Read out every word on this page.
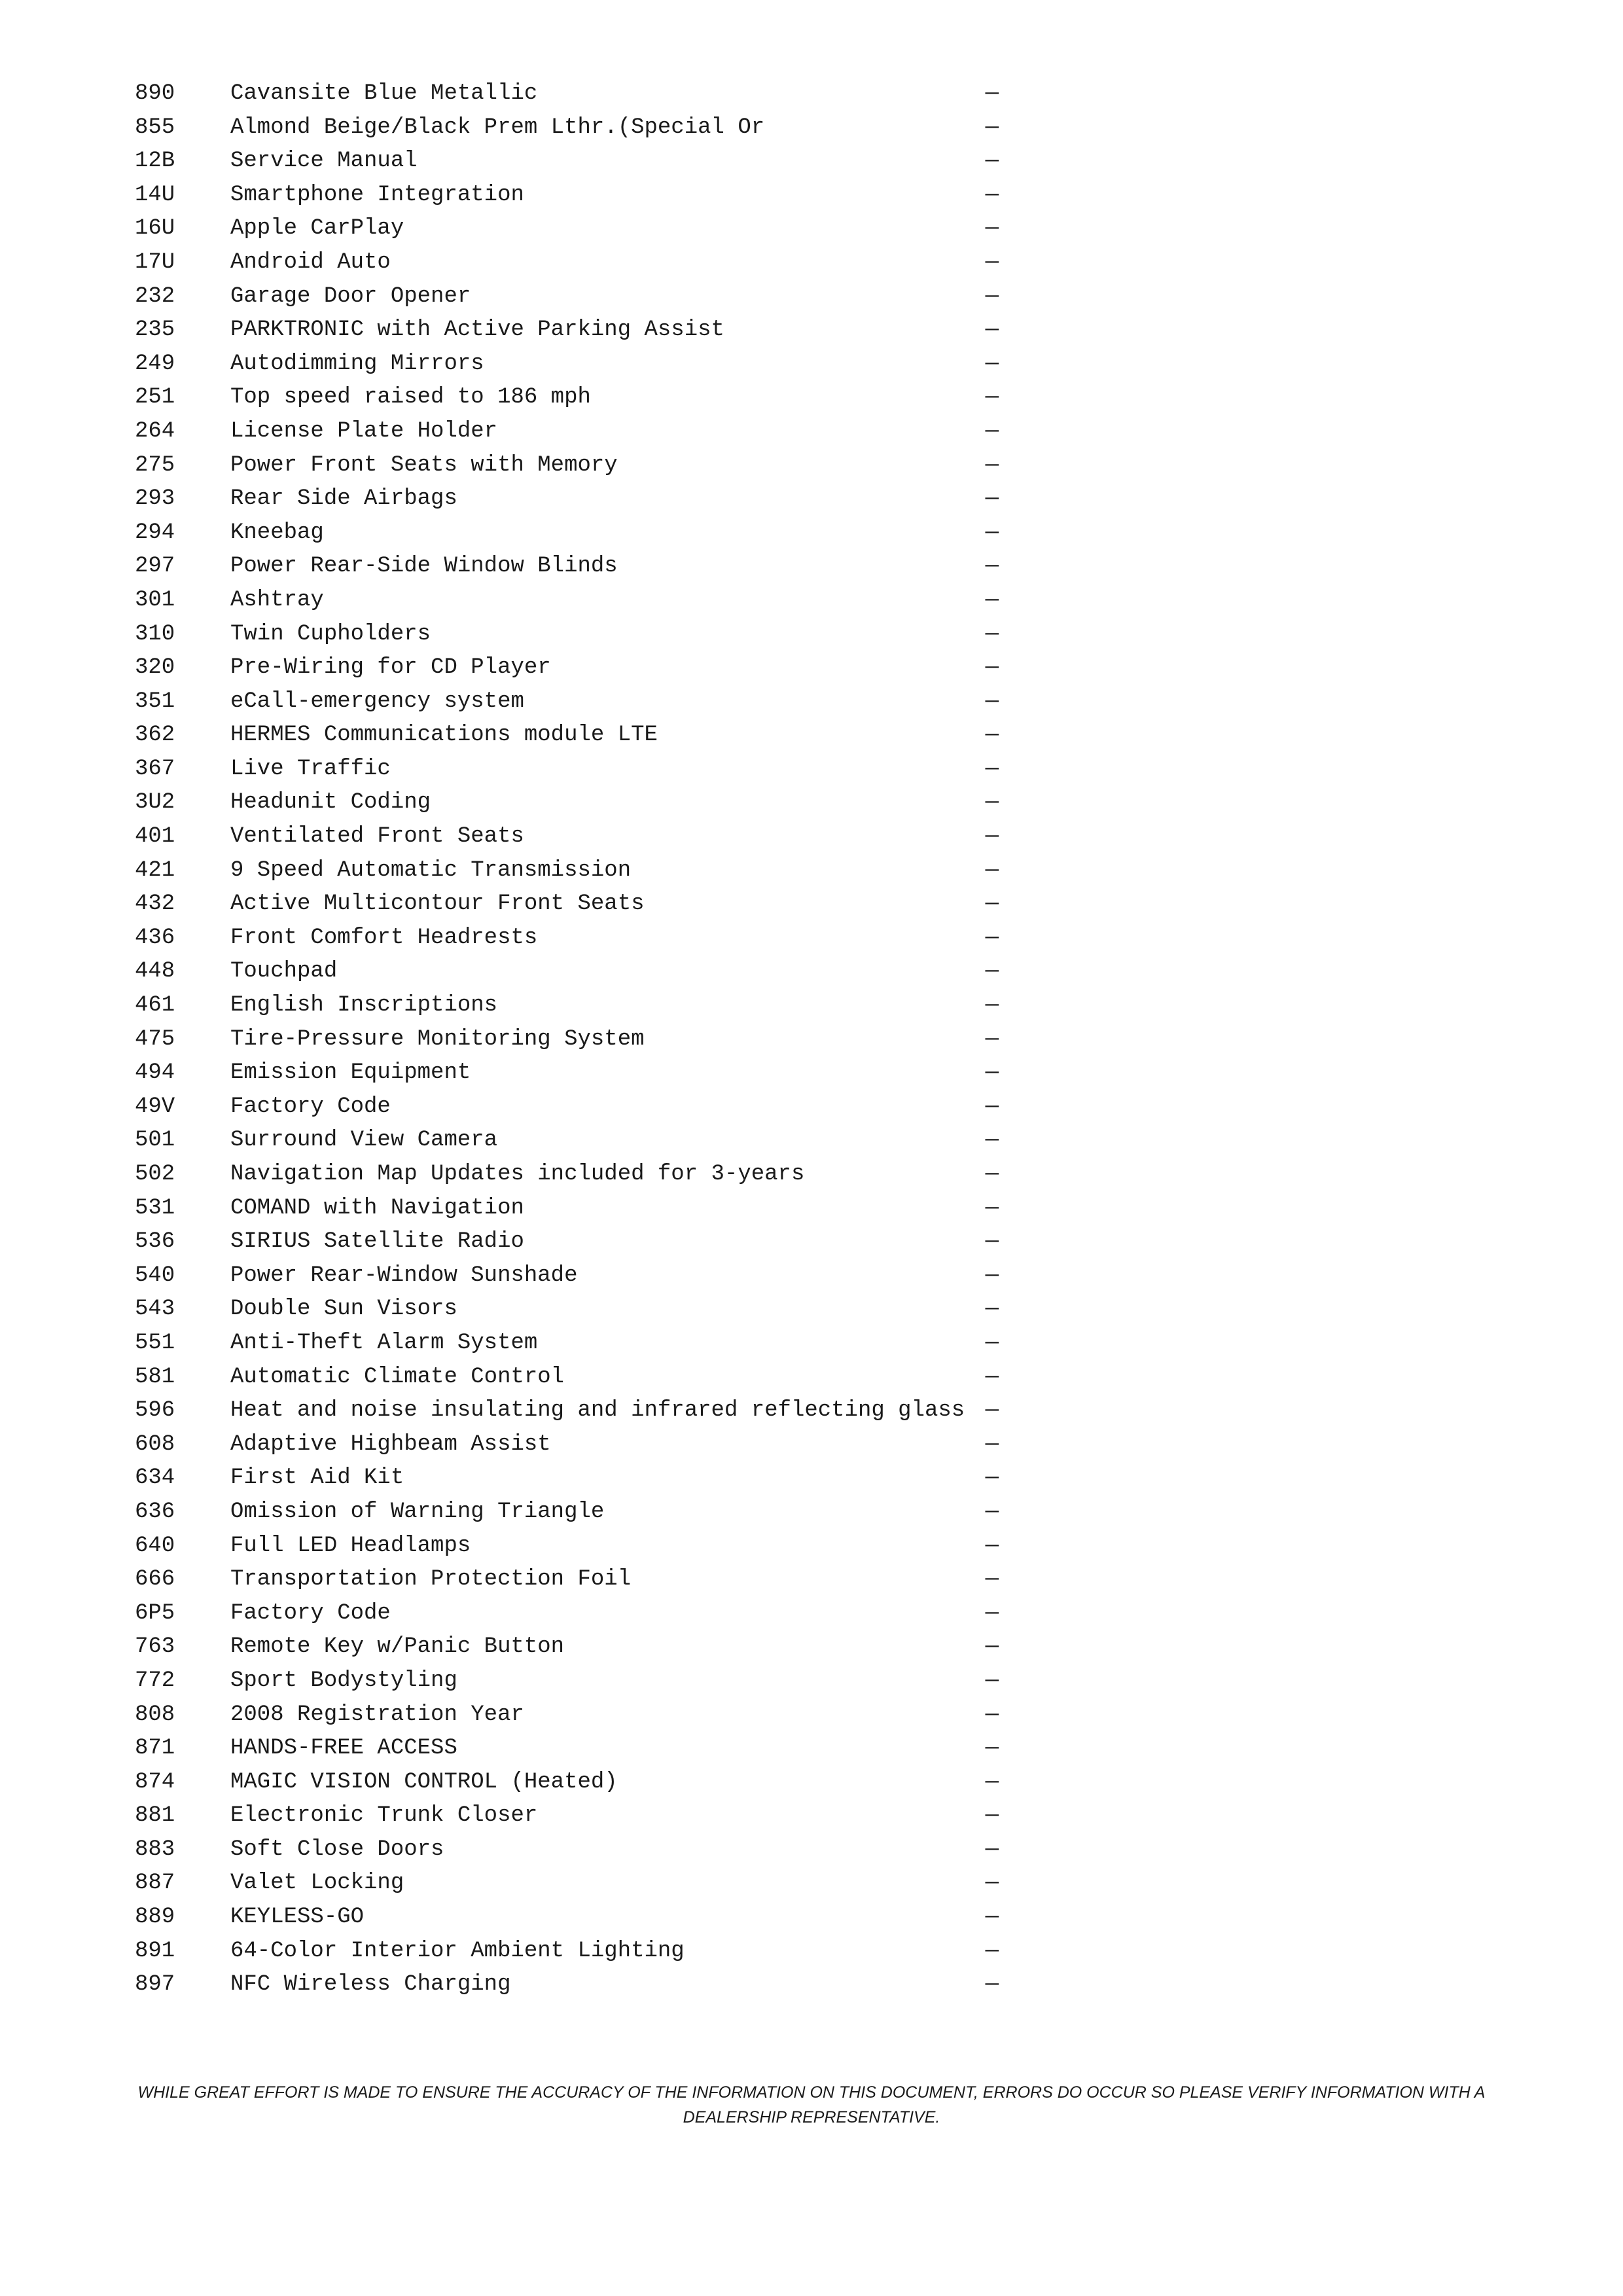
890 Cavansite Blue Metallic	—
855 Almond Beige/Black Prem Lthr.(Special Or	—
12B Service Manual	—
14U Smartphone Integration	—
16U Apple CarPlay	—
17U Android Auto	—
232 Garage Door Opener	—
235 PARKTRONIC with Active Parking Assist	—
249 Autodimming Mirrors	—
251 Top speed raised to 186 mph	—
264 License Plate Holder	—
275 Power Front Seats with Memory	—
293 Rear Side Airbags	—
294 Kneebag	—
297 Power Rear-Side Window Blinds	—
301 Ashtray	—
310 Twin Cupholders	—
320 Pre-Wiring for CD Player	—
351 eCall-emergency system	—
362 HERMES Communications module LTE	—
367 Live Traffic	—
3U2 Headunit Coding	—
401 Ventilated Front Seats	—
421 9 Speed Automatic Transmission	—
432 Active Multicontour Front Seats	—
436 Front Comfort Headrests	—
448 Touchpad	—
461 English Inscriptions	—
475 Tire-Pressure Monitoring System	—
494 Emission Equipment	—
49V Factory Code	—
501 Surround View Camera	—
502 Navigation Map Updates included for 3-years	—
531 COMAND with Navigation	—
536 SIRIUS Satellite Radio	—
540 Power Rear-Window Sunshade	—
543 Double Sun Visors	—
551 Anti-Theft Alarm System	—
581 Automatic Climate Control	—
596 Heat and noise insulating and infrared reflecting glass —
608 Adaptive Highbeam Assist	—
634 First Aid Kit	—
636 Omission of Warning Triangle	—
640 Full LED Headlamps	—
666 Transportation Protection Foil	—
6P5 Factory Code	—
763 Remote Key w/Panic Button	—
772 Sport Bodystyling	—
808 2008 Registration Year	—
871 HANDS-FREE ACCESS	—
874 MAGIC VISION CONTROL (Heated)	—
881 Electronic Trunk Closer	—
883 Soft Close Doors	—
887 Valet Locking	—
889 KEYLESS-GO	—
891 64-Color Interior Ambient Lighting	—
897 NFC Wireless Charging	—
WHILE GREAT EFFORT IS MADE TO ENSURE THE ACCURACY OF THE INFORMATION ON THIS DOCUMENT, ERRORS DO OCCUR SO PLEASE VERIFY INFORMATION WITH A
DEALERSHIP REPRESENTATIVE.
